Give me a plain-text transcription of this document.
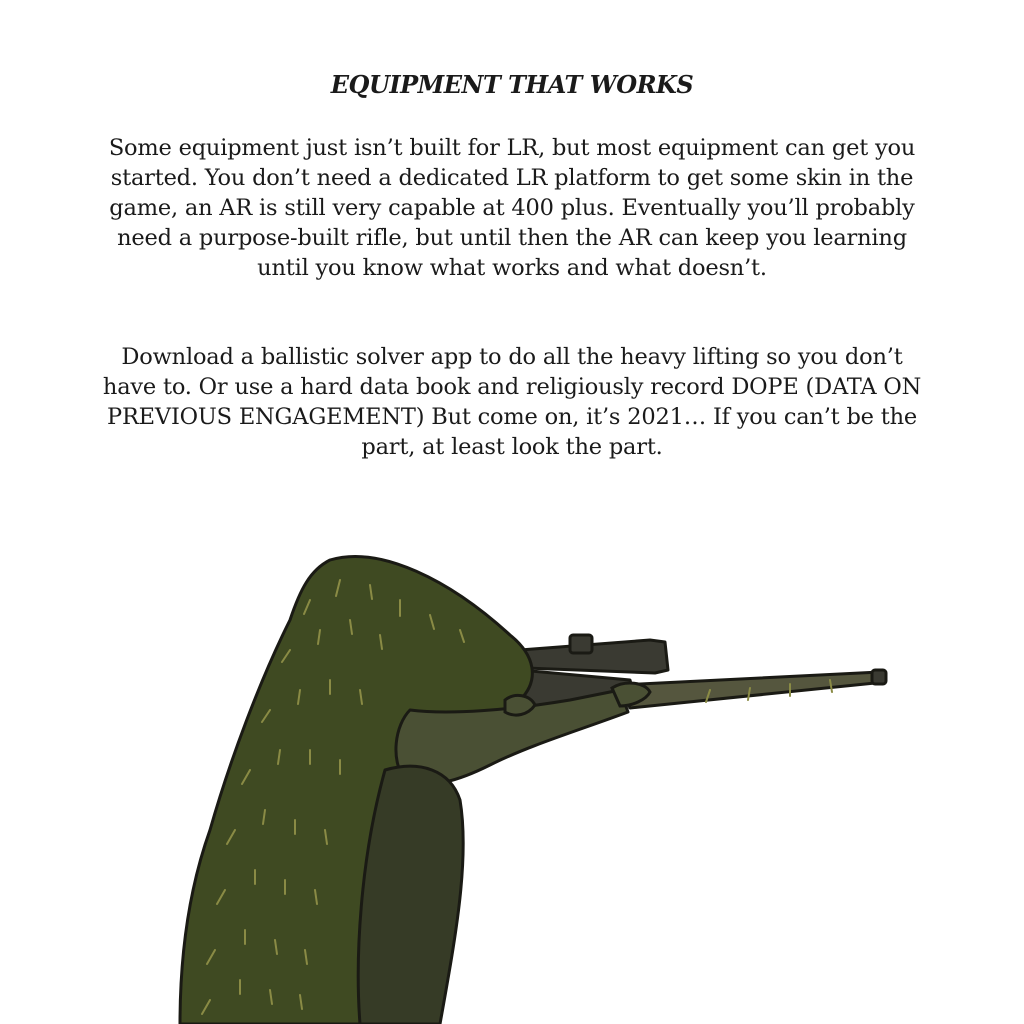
EQUIPMENT THAT WORKS

Some equipment just isn’t built for LR, but most equipment can get you started. You don’t need a dedicated LR platform to get some skin in the game, an AR is still very capable at 400 plus. Eventually you’ll probably need a purpose-built rifle, but until then the AR can keep you learning until you know what works and what doesn’t.

Download a ballistic solver app to do all the heavy lifting so you don’t have to. Or use a hard data book and religiously record DOPE (DATA ON PREVIOUS ENGAGEMENT) But come on, it’s 2021… If you can’t be the part, at least look the part.
